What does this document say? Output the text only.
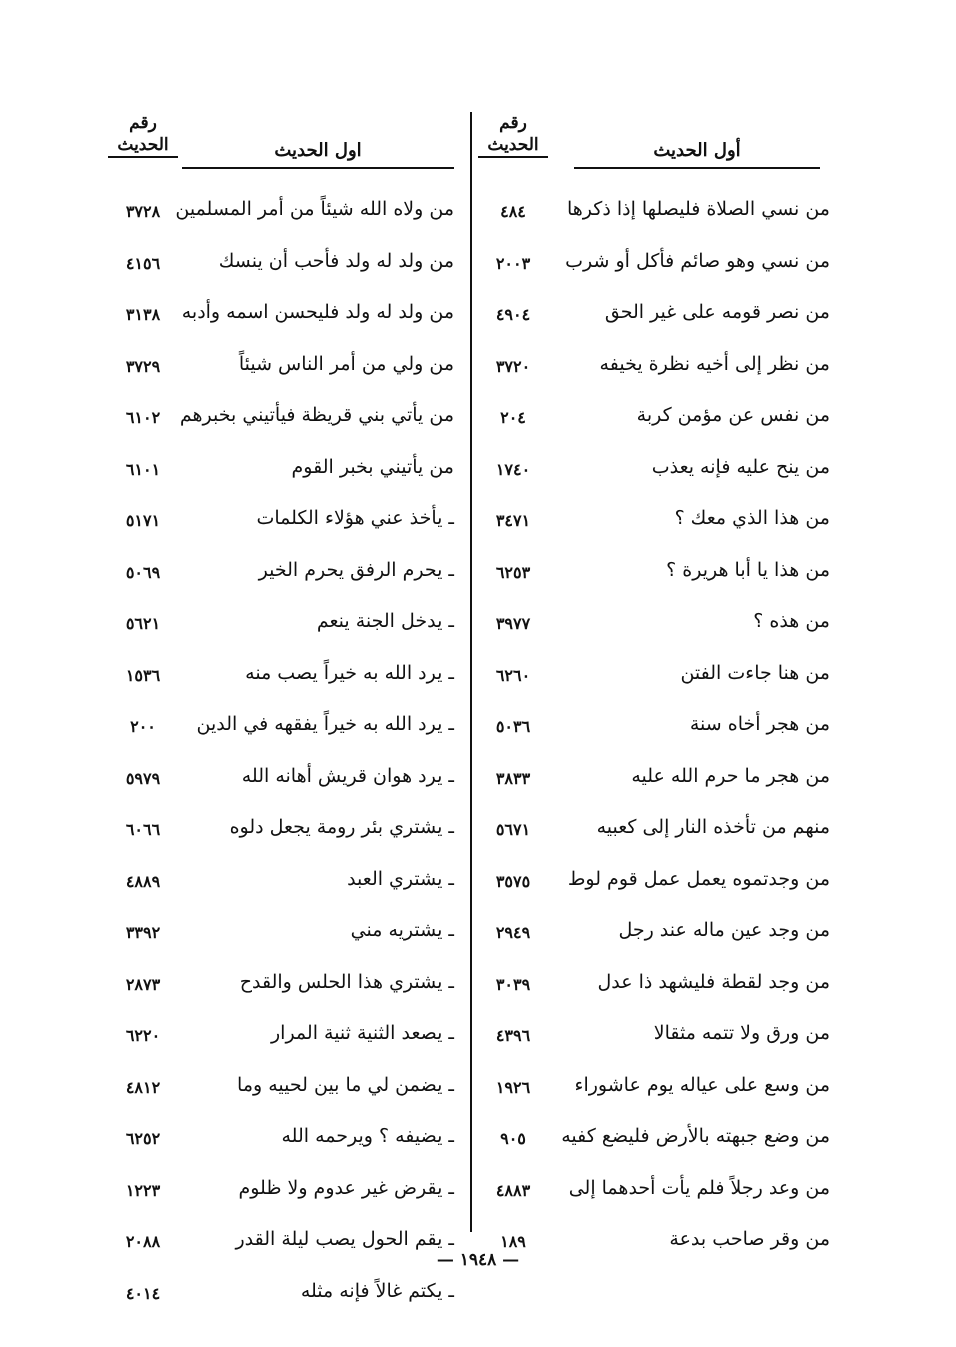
رقم
الحديث	أول الحديث
من نسي الصلاة فليصلها إذا ذكرها
٤٨٤
من نسي وهو صائم فأكل أو شرب
٢٠٠٣
من نصر قومه على غير الحق
٤٩٠٤
من نظر إلى أخيه نظرة يخيفه
٣٧٢٠
من نفس عن مؤمن كربة
٢٠٤
من ينح عليه فإنه يعذب
١٧٤٠
من هذا الذي معك ؟
٣٤٧١
من هذا يا أبا هريرة ؟
٦٢٥٣
من هذه ؟
٣٩٧٧
من هنا جاءت الفتن
٦٢٦٠
من هجر أخاه سنة
٥٠٣٦
من هجر ما حرم الله عليه
٣٨٣٣
منهم من تأخذه النار إلى كعبيه
٥٦٧١
من وجدتموه يعمل عمل قوم لوط
٣٥٧٥
من وجد عين ماله عند رجل
٢٩٤٩
من وجد لقطة فليشهد ذا عدل
٣٠٣٩
من ورق ولا تتمه مثقالا
٤٣٩٦
من وسع على عياله يوم عاشوراء
١٩٢٦
من وضع جبهته بالأرض فليضع كفيه
٩٠٥
من وعد رجلاً فلم يأت أحدهما إلى
٤٨٨٣
من وقر صاحب بدعة
١٨٩
رقم
الحديث	اول الحديث
من ولاه الله شيئاً من أمر المسلمين
٣٧٢٨
من ولد له ولد فأحب أن ينسك
٤١٥٦
من ولد له ولد فليحسن اسمه وأدبه
٣١٣٨
من ولي من أمر الناس شيئاً
٣٧٢٩
من يأتي بني قريظة فيأتيني بخبرهم
٦١٠٢
من يأتيني بخبر القوم
٦١٠١
ـ يأخذ عني هؤلاء الكلمات
٥١٧١
ـ يحرم الرفق يحرم الخير
٥٠٦٩
ـ يدخل الجنة ينعم
٥٦٢١
ـ يرد الله به خيراً يصب منه
١٥٣٦
ـ يرد الله به خيراً يفقهه في الدين
٢٠٠
ـ يرد هوان قريش أهانه الله
٥٩٧٩
ـ يشتري بئر رومة يجعل دلوه
٦٠٦٦
ـ يشتري العبد
٤٨٨٩
ـ يشتريه مني
٣٣٩٢
ـ يشتري هذا الحلس والقدح
٢٨٧٣
ـ يصعد الثنية ثنية المرار
٦٢٢٠
ـ يضمن لي ما بين لحييه وما
٤٨١٢
ـ يضيفه ؟ ويرحمه الله
٦٢٥٢
ـ يقرض غير عدوم ولا ظلوم
١٢٢٣
ـ يقم الحول يصب ليلة القدر
٢٠٨٨
ـ يكتم غالاً فإنه مثله
٤٠١٤
— ١٩٤٨ —
